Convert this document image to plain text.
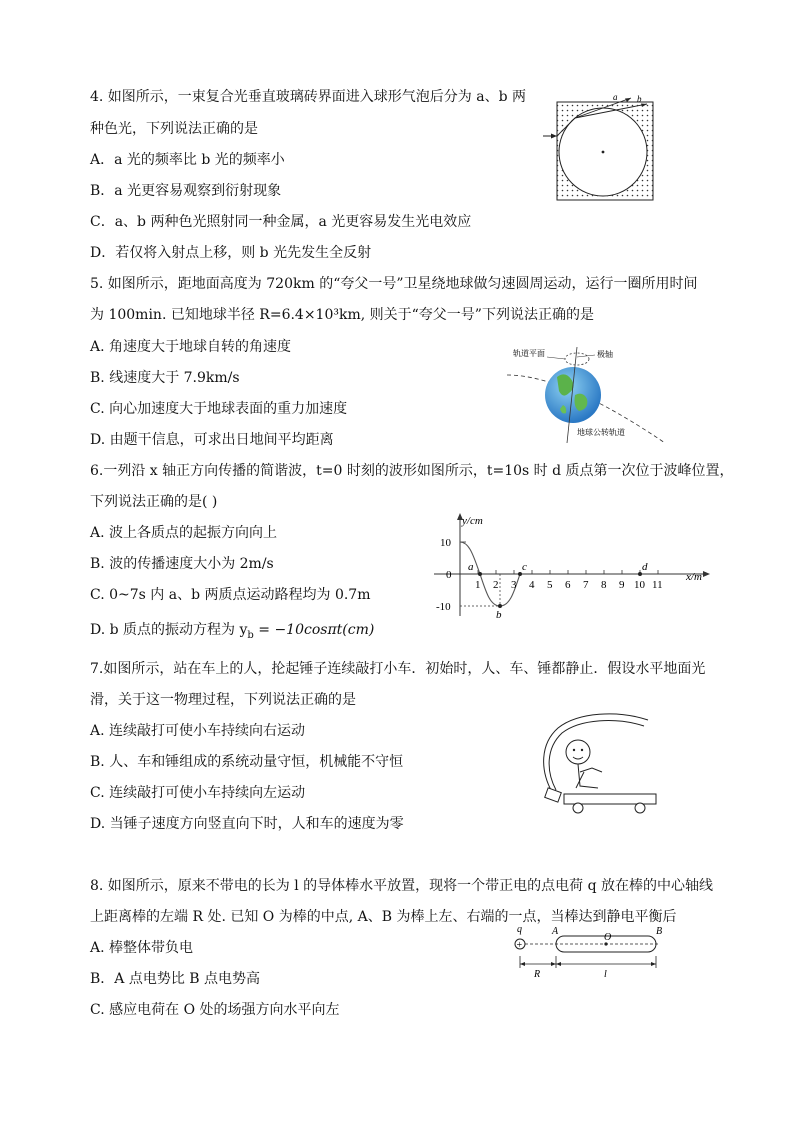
4. 如图所示，一束复合光垂直玻璃砖界面进入球形气泡后分为 a、b 两
种色光，下列说法正确的是
A．a 光的频率比 b 光的频率小
B．a 光更容易观察到衍射现象
C．a、b 两种色光照射同一种金属，a 光更容易发生光电效应
D．若仅将入射点上移，则 b 光先发生全反射
a b
5. 如图所示，距地面高度为 720km 的“夸父一号”卫星绕地球做匀速圆周运动，运行一圈所用时间
为 100min. 已知地球半径 R=6.4×10³km, 则关于“夸父一号”下列说法正确的是
A. 角速度大于地球自转的角速度
B. 线速度大于 7.9km/s
C. 向心加速度大于地球表面的重力加速度
D. 由题干信息，可求出日地间平均距离
轨道平面	极轴
地球公转轨道
6.一列沿 x 轴正方向传播的简谐波，t=0 时刻的波形如图所示，t=10s 时 d 质点第一次位于波峰位置，
下列说法正确的是( )
A. 波上各质点的起振方向向上
B. 波的传播速度大小为 2m/s
C. 0~7s 内 a、b 两质点运动路程均为 0.7m
D. b 质点的振动方程为 $y_b = -10\cos\pi t(cm)$
y/cm
x/m
10
0
-10
1 2 3 4 5 6 7 8 9 10 11
a
b
c	d
7.如图所示，站在车上的人，抡起锤子连续敲打小车．初始时，人、车、锤都静止．假设水平地面光
滑，关于这一物理过程，下列说法正确的是
A. 连续敲打可使小车持续向右运动
B. 人、车和锤组成的系统动量守恒，机械能不守恒
C. 连续敲打可使小车持续向左运动
D. 当锤子速度方向竖直向下时，人和车的速度为零
8. 如图所示，原来不带电的长为 l 的导体棒水平放置，现将一个带正电的点电荷 q 放在棒的中心轴线
上距离棒的左端 R 处. 已知 O 为棒的中点, A、B 为棒上左、右端的一点，当棒达到静电平衡后
A. 棒整体带负电
B．A 点电势比 B 点电势高
C. 感应电荷在 O 处的场强方向水平向左
+
q	A
O
B
R	l
